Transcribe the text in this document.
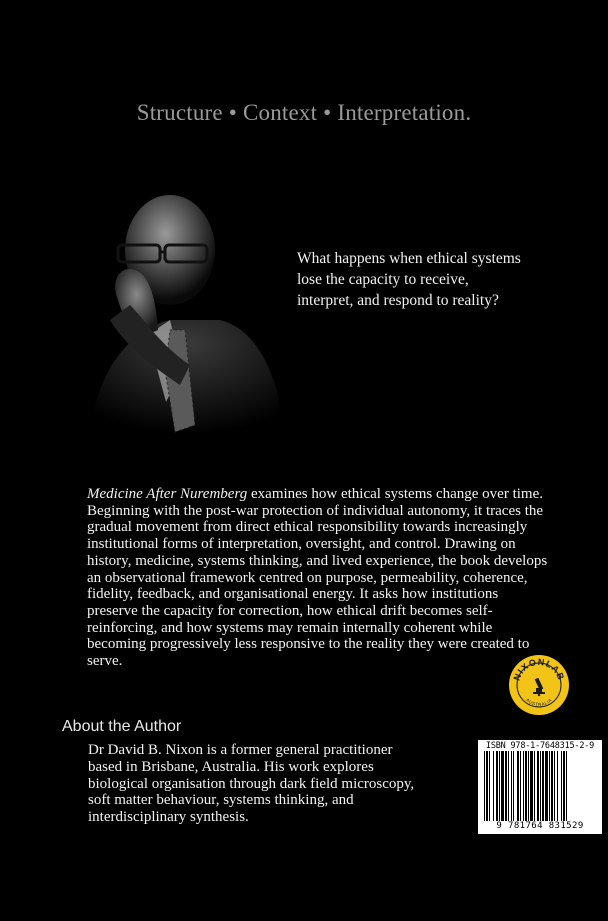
Structure • Context • Interpretation.
What happens when ethical systems lose the capacity to receive, interpret, and respond to reality?
Medicine After Nuremberg examines how ethical systems change over time. Beginning with the post-war protection of individual autonomy, it traces the gradual movement from direct ethical responsibility towards increasingly institutional forms of interpretation, oversight, and control. Drawing on history, medicine, systems thinking, and lived experience, the book develops an observational framework centred on purpose, permeability, coherence, fidelity, feedback, and organisational energy. It asks how institutions preserve the capacity for correction, how ethical drift becomes self-reinforcing, and how systems may remain internally coherent while becoming progressively less responsive to the reality they were created to serve.
NIXONLAB
AUSTRALIA
About the Author
Dr David B. Nixon is a former general practitioner based in Brisbane, Australia. His work explores biological organisation through dark field microscopy, soft matter behaviour, systems thinking, and interdisciplinary synthesis.
ISBN 978-1-7648315-2-9
9 781764 831529
